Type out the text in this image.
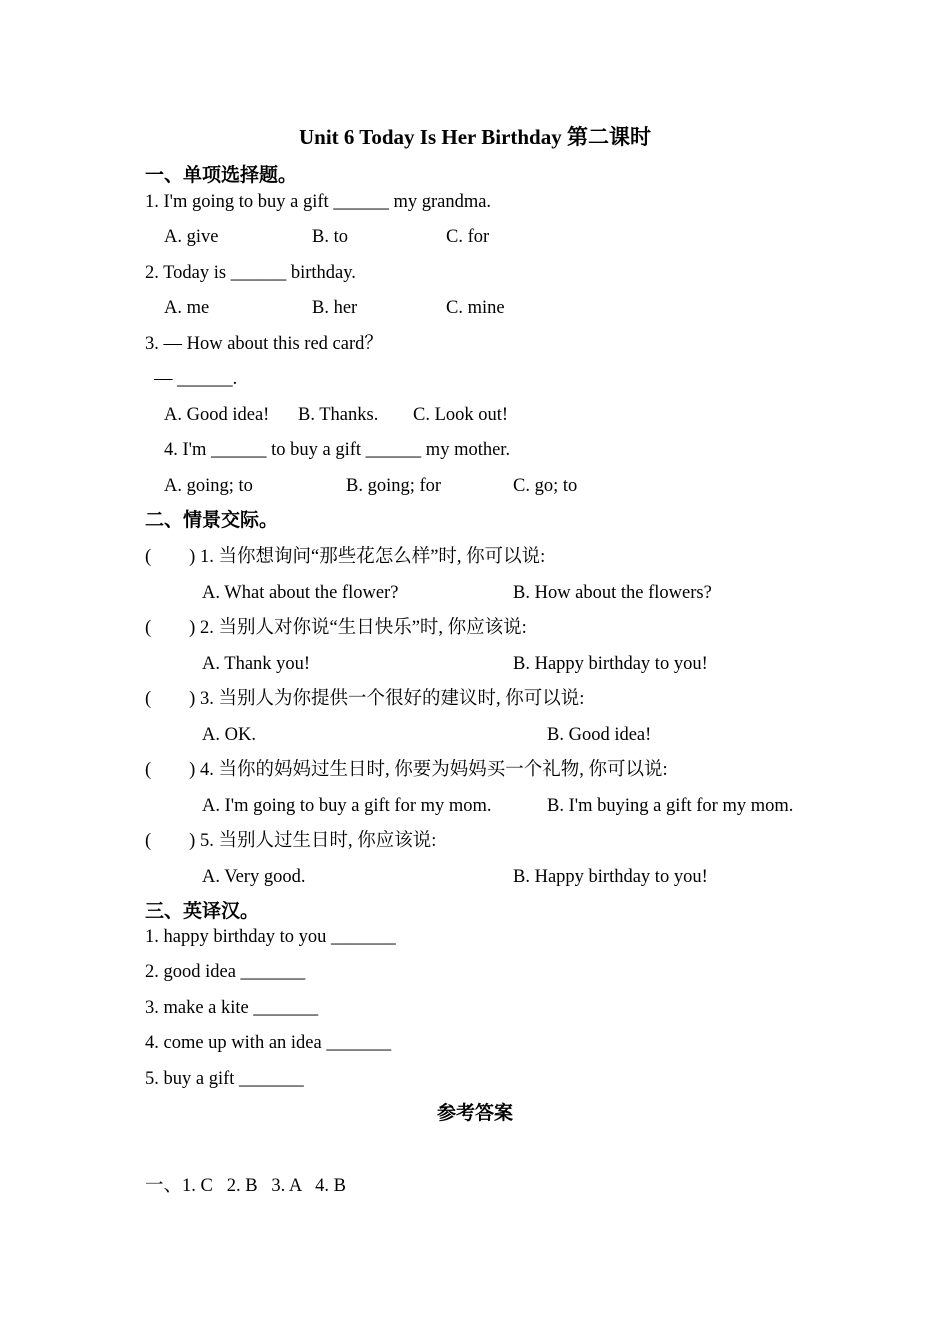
Unit 6 Today Is Her Birthday 第二课时
一、单项选择题。
1. I'm going to buy a gift ______ my grandma.
A. give	B. to	C. for
2. Today is ______ birthday.
A. me	B. her	C. mine
3. — How about this red card？
— ______.
A. Good idea! B. Thanks. C. Look out!
4. I'm ______ to buy a gift ______ my mother.
A. going; to	B. going; for	C. go; to
二、情景交际。
( ) 1. 当你想询问“那些花怎么样”时, 你可以说:
A. What about the flower?	B. How about the flowers?
( ) 2. 当别人对你说“生日快乐”时, 你应该说:
A. Thank you!	B. Happy birthday to you!
( ) 3. 当别人为你提供一个很好的建议时, 你可以说:
A. OK.	B. Good idea!
( ) 4. 当你的妈妈过生日时, 你要为妈妈买一个礼物, 你可以说:
A. I'm going to buy a gift for my mom.	B. I'm buying a gift for my mom.
( ) 5. 当别人过生日时, 你应该说:
A. Very good.	B. Happy birthday to you!
三、英译汉。
1. happy birthday to you _______
2. good idea _______
3. make a kite _______
4. come up with an idea _______
5. buy a gift _______
参考答案
一、1. C   2. B   3. A   4. B
